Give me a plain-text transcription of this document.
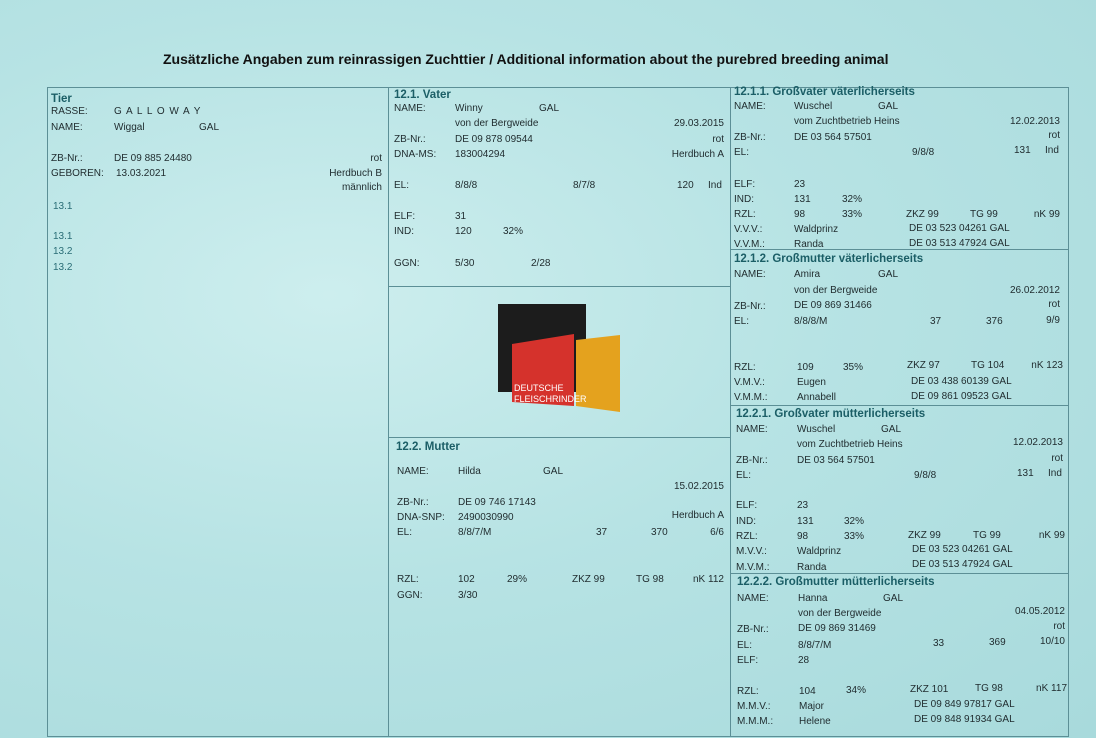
Zusätzliche Angaben zum reinrassigen Zuchttier / Additional information about the purebred breeding animal
Tier
RASSE:	G A L L O W A Y
NAME:	Wiggal	GAL
ZB-Nr.:	DE 09 885 24480	rot
GEBOREN: 13.03.2021	Herdbuch B
männlich
13.1
13.1
13.2
13.2
12.1. Vater
NAME:	Winny	GAL
von der Bergweide	29.03.2015
ZB-Nr.:	DE 09 878 09544	rot
DNA-MS: 183004294	Herdbuch A
EL:	8/8/8	8/7/8	120 Ind
ELF:	31
IND:	120	32%
GGN:	5/30	2/28
DEUTSCHE
FLEISCHRINDER
12.2. Mutter
NAME:	Hilda	GAL
15.02.2015
ZB-Nr.:	DE 09 746 17143
DNA-SNP: 2490030990	Herdbuch A
EL:	8/8/7/M	37	370	6/6
RZL:	102	29%	ZKZ 99	TG 98	nK 112
GGN:	3/30
12.1.1. Großvater väterlicherseits
NAME:	Wuschel	GAL
vom Zuchtbetrieb Heins	12.02.2013
ZB-Nr.:	DE 03 564 57501	rot
EL:	9/8/8	131 Ind
ELF:	23
IND:	131	32%
RZL:	98	33%	ZKZ 99	TG 99	nK 99
V.V.V.:	Waldprinz	DE 03 523 04261 GAL
V.V.M.:	Randa	DE 03 513 47924 GAL
12.1.2. Großmutter väterlicherseits
NAME:	Amira	GAL
von der Bergweide	26.02.2012
ZB-Nr.:	DE 09 869 31466	rot
EL:	8/8/8/M	37	376	9/9
RZL:	109	35%	ZKZ 97	TG 104	nK 123
V.M.V.:	Eugen	DE 03 438 60139 GAL
V.M.M.:	Annabell	DE 09 861 09523 GAL
12.2.1. Großvater mütterlicherseits
NAME:	Wuschel	GAL
vom Zuchtbetrieb Heins	12.02.2013
ZB-Nr.:	DE 03 564 57501	rot
EL:	9/8/8	131 Ind
ELF:	23
IND:	131	32%
RZL:	98	33%	ZKZ 99	TG 99	nK 99
M.V.V.:	Waldprinz	DE 03 523 04261 GAL
M.V.M.:	Randa	DE 03 513 47924 GAL
12.2.2. Großmutter mütterlicherseits
NAME:	Hanna	GAL
von der Bergweide	04.05.2012
ZB-Nr.:	DE 09 869 31469	rot
EL:	8/8/7/M	33	369	10/10
ELF:	28
RZL:	104	34%	ZKZ 101	TG 98	nK 117
M.M.V.:	Major	DE 09 849 97817 GAL
M.M.M.:	Helene	DE 09 848 91934 GAL
